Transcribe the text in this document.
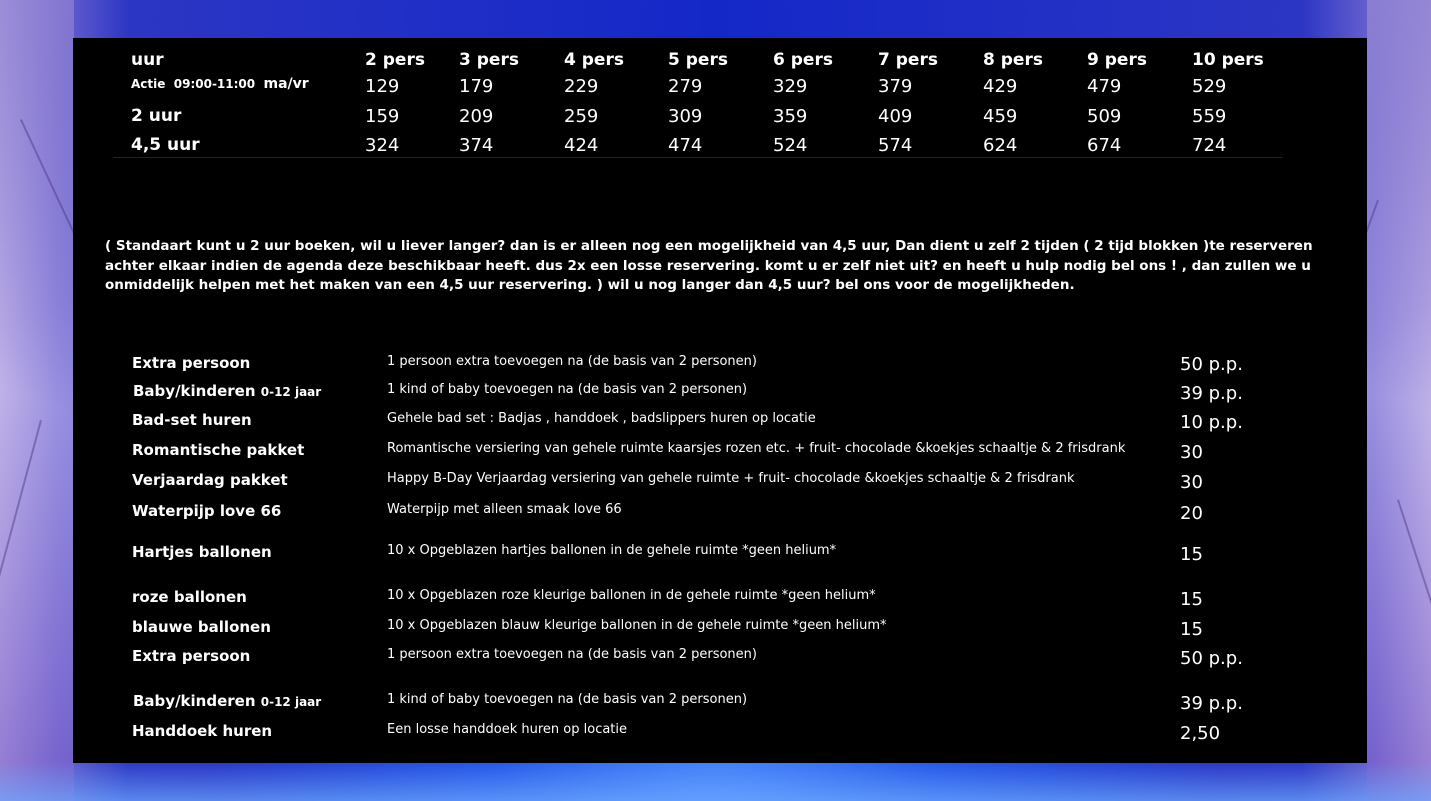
uur	2 pers 3 pers	4 pers	5 pers	6 pers	7 pers	8 pers	9 pers	10 pers
Actie 09:00-11:00 ma/vr	129	179	229	279	329	379	429	479	529
2 uur	159	209	259	309	359	409	459	509	559
4,5 uur	324	374	424	474	524	574	624	674	724
( Standaart kunt u 2 uur boeken, wil u liever langer? dan is er alleen nog een mogelijkheid van 4,5 uur, Dan dient u zelf 2 tijden ( 2 tijd blokken )te reserveren achter elkaar indien de agenda deze beschikbaar heeft. dus 2x een losse reservering. komt u er zelf niet uit? en heeft u hulp nodig bel ons ! , dan zullen we u onmiddelijk helpen met het maken van een 4,5 uur reservering. ) wil u nog langer dan 4,5 uur? bel ons voor de mogelijkheden.
Extra persoon	1 persoon extra toevoegen na (de basis van 2 personen)	50 p.p.
Baby/kinderen 0-12 jaar	1 kind of baby toevoegen na (de basis van 2 personen)	39 p.p.
Bad-set huren	Gehele bad set : Badjas , handdoek , badslippers huren op locatie	10 p.p.
Romantische pakket	Romantische versiering van gehele ruimte kaarsjes rozen etc. + fruit- chocolade &koekjes schaaltje & 2 frisdrank	30
Verjaardag pakket	Happy B-Day Verjaardag versiering van gehele ruimte + fruit- chocolade &koekjes schaaltje & 2 frisdrank	30
Waterpijp love 66	Waterpijp met alleen smaak love 66	20
Hartjes ballonen	10 x Opgeblazen hartjes ballonen in de gehele ruimte *geen helium*	15
roze ballonen	10 x Opgeblazen roze kleurige ballonen in de gehele ruimte *geen helium*	15
blauwe ballonen	10 x Opgeblazen blauw kleurige ballonen in de gehele ruimte *geen helium*	15
Extra persoon	1 persoon extra toevoegen na (de basis van 2 personen)	50 p.p.
Baby/kinderen 0-12 jaar	1 kind of baby toevoegen na (de basis van 2 personen)	39 p.p.
Handdoek huren	Een losse handdoek huren op locatie	2,50
